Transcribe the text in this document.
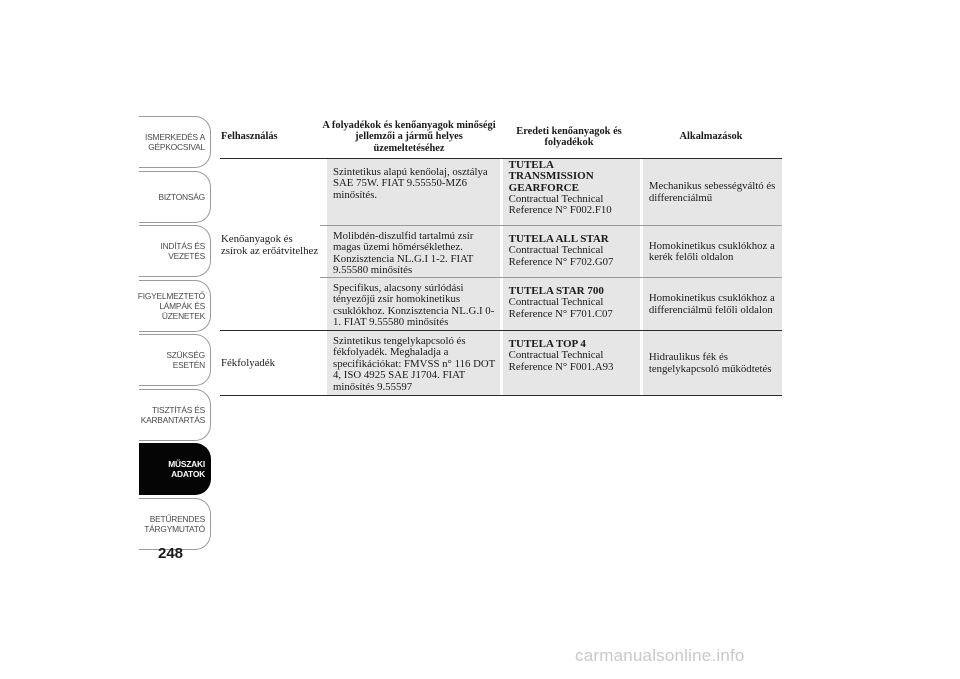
ISMERKEDÉS A
GÉPKOCSIVAL
BIZTONSÁG
INDÍTÁS ÉS
VEZETÉS
FIGYELMEZTETŐ
LÁMPÁK ÉS
ÜZENETEK
SZÜKSÉG ESETÉN
TISZTÍTÁS ÉS
KARBANTARTÁS
MŰSZAKI ADATOK
BETŰRENDES
TÁRGYMUTATÓ
248
Felhasználás
A folyadékok és kenőanyagok minőségi jellemzői a jármű helyes üzemeltetéséhez
Eredeti kenőanyagok és folyadékok
Alkalmazások
Kenőanyagok és
zsírok az erőátvitelhez
Szintetikus alapú kenőolaj, osztálya SAE 75W. FIAT 9.55550-MZ6 minősítés.
TUTELA TRANSMISSION GEARFORCE
Contractual Technical
Reference N° F002.F10
Mechanikus sebességváltó és differenciálmű
Molibdén-diszulfid tartalmú zsír magas üzemi hőmérséklethez. Konzisztencia NL.G.I 1-2. FIAT 9.55580 minősítés
TUTELA ALL STAR
Contractual Technical
Reference N° F702.G07
Homokinetikus csuklókhoz a kerék felőli oldalon
Specifikus, alacsony súrlódási tényezőjű zsír homokinetikus csuklókhoz. Konzisztencia NL.G.I 0-1. FIAT 9.55580 minősítés
TUTELA STAR 700
Contractual Technical
Reference N° F701.C07
Homokinetikus csuklókhoz a differenciálmű felőli oldalon
Fékfolyadék
Szintetikus tengelykapcsoló és fékfolyadék. Meghaladja a specifikációkat: FMVSS n° 116 DOT 4, ISO 4925 SAE J1704. FIAT minősítés 9.55597
TUTELA TOP 4
Contractual Technical
Reference N° F001.A93
Hidraulikus fék és tengelykapcsoló működtetés
carmanualsonline.info
